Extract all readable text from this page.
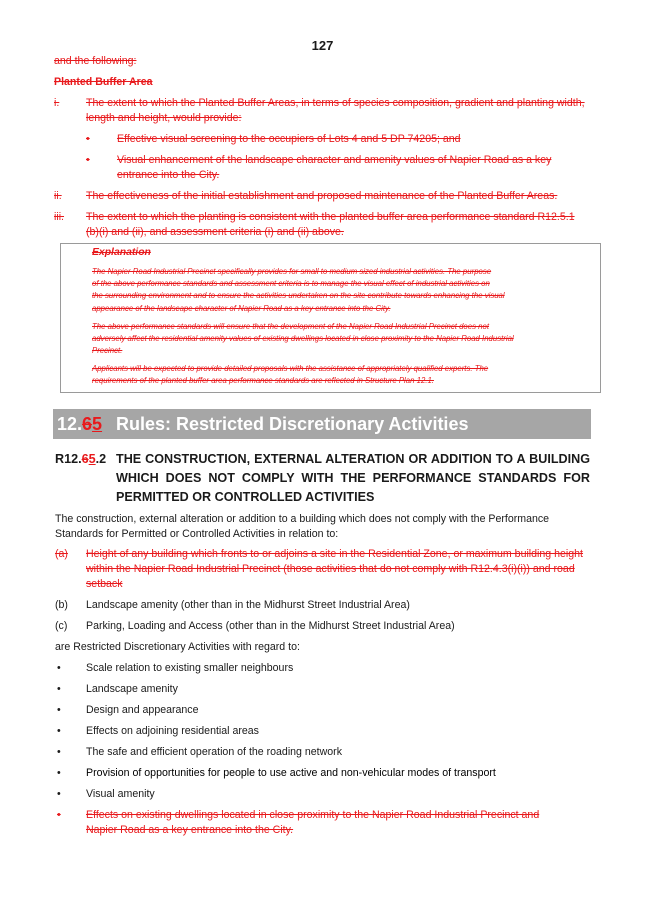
127
and the following:
Planted Buffer Area
i.	The extent to which the Planted Buffer Areas, in terms of species composition, gradient and planting width,
length and height, would provide:
•	Effective visual screening to the occupiers of Lots 4 and 5 DP 74205; and
•	Visual enhancement of the landscape character and amenity values of Napier Road as a key
entrance into the City.
ii. The effectiveness of the initial establishment and proposed maintenance of the Planted Buffer Areas.
iii. The extent to which the planting is consistent with the planted buffer area performance standard R12.5.1
(b)(i) and (ii), and assessment criteria (i) and (ii) above.
Explanation

The Napier Road Industrial Precinct specifically provides for small to medium sized industrial activities. The purpose
of the above performance standards and assessment criteria is to manage the visual effect of industrial activities on
the surrounding environment and to ensure the activities undertaken on the site contribute towards enhancing the visual
appearance of the landscape character of Napier Road as a key entrance into the City.

The above performance standards will ensure that the development of the Napier Road Industrial Precinct does not
adversely affect the residential amenity values of existing dwellings located in close proximity to the Napier Road Industrial
Precinct.

Applicants will be expected to provide detailed proposals with the assistance of appropriately qualified experts. The
requirements of the planted buffer area performance standards are reflected in Structure Plan 12.1.

12.65 Rules: Restricted Discretionary Activities
R12.65.2 THE CONSTRUCTION, EXTERNAL ALTERATION OR ADDITION TO A BUILDING
WHICH DOES NOT COMPLY WITH THE PERFORMANCE STANDARDS FOR
PERMITTED OR CONTROLLED ACTIVITIES
The construction, external alteration or addition to a building which does not comply with the Performance
Standards for Permitted or Controlled Activities in relation to:
(a) Height of any building which fronts to or adjoins a site in the Residential Zone, or maximum building height
within the Napier Road Industrial Precinct (those activities that do not comply with R12.4.3(i)(i)) and road
setback
(b) Landscape amenity (other than in the Midhurst Street Industrial Area)
(c) Parking, Loading and Access (other than in the Midhurst Street Industrial Area)
are Restricted Discretionary Activities with regard to:
• Scale relation to existing smaller neighbours
• Landscape amenity
• Design and appearance
• Effects on adjoining residential areas
• The safe and efficient operation of the roading network
• Provision of opportunities for people to use active and non-vehicular modes of transport
• Visual amenity
• Effects on existing dwellings located in close proximity to the Napier Road Industrial Precinct and
Napier Road as a key entrance into the City.
